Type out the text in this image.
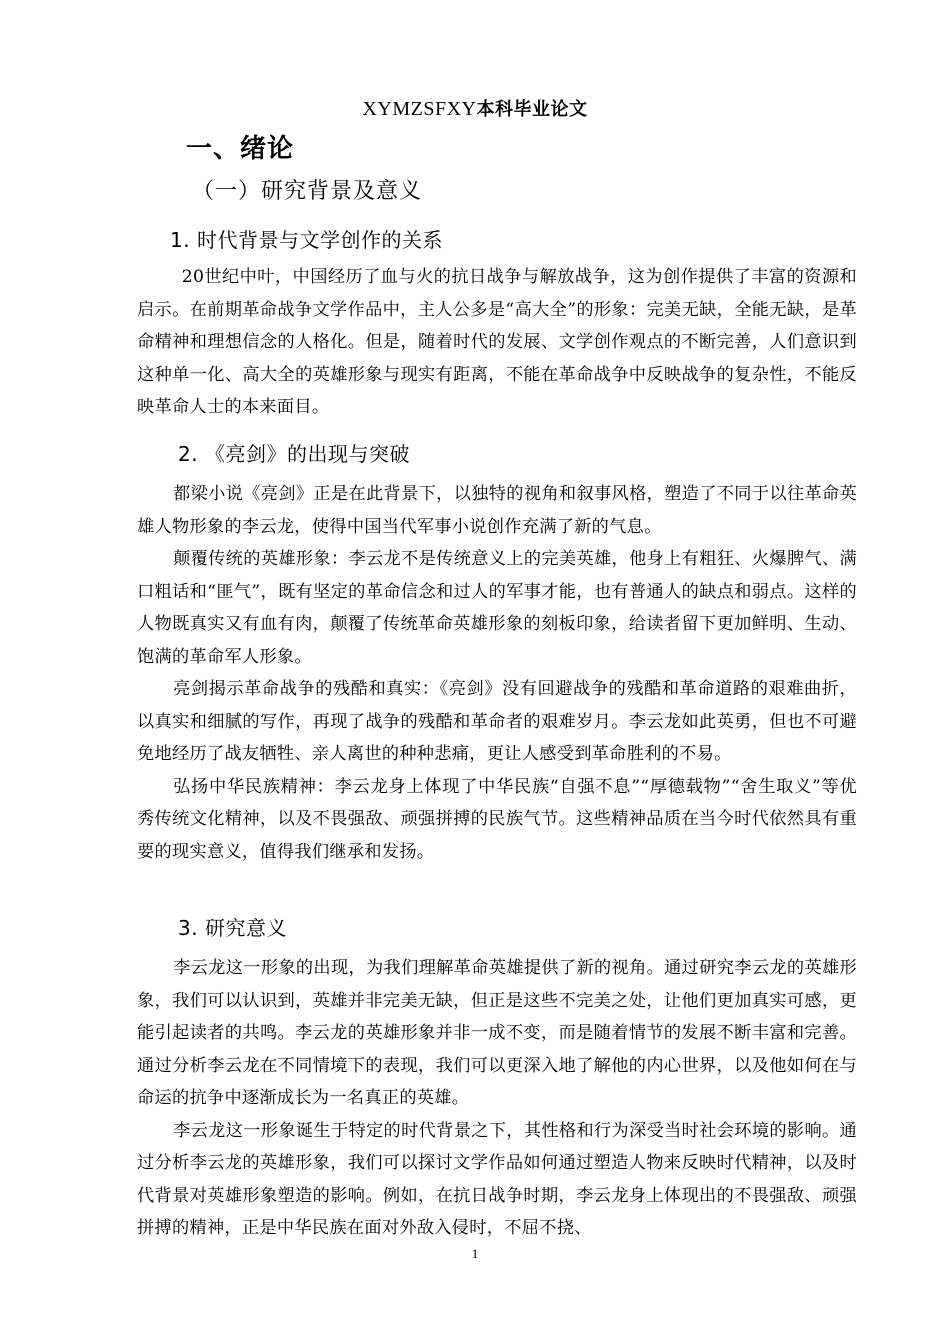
XYMZSFXY本科毕业论文
一、绪论
（一）研究背景及意义
1. 时代背景与文学创作的关系

20世纪中叶，中国经历了血与火的抗日战争与解放战争，这为创作提供了丰富的资源和启示。在前期革命战争文学作品中，主人公多是“高大全”的形象：完美无缺，全能无缺，是革命精神和理想信念的人格化。但是，随着时代的发展、文学创作观点的不断完善，人们意识到这种单一化、高大全的英雄形象与现实有距离，不能在革命战争中反映战争的复杂性，不能反映革命人士的本来面目。

2. 《亮剑》的出现与突破

都梁小说《亮剑》正是在此背景下，以独特的视角和叙事风格，塑造了不同于以往革命英雄人物形象的李云龙，使得中国当代军事小说创作充满了新的气息。

颠覆传统的英雄形象：李云龙不是传统意义上的完美英雄，他身上有粗狂、火爆脾气、满口粗话和“匪气”，既有坚定的革命信念和过人的军事才能，也有普通人的缺点和弱点。这样的人物既真实又有血有肉，颠覆了传统革命英雄形象的刻板印象，给读者留下更加鲜明、生动、饱满的革命军人形象。

亮剑揭示革命战争的残酷和真实：《亮剑》没有回避战争的残酷和革命道路的艰难曲折，以真实和细腻的写作，再现了战争的残酷和革命者的艰难岁月。李云龙如此英勇，但也不可避免地经历了战友牺牲、亲人离世的种种悲痛，更让人感受到革命胜利的不易。

弘扬中华民族精神：李云龙身上体现了中华民族“自强不息”“厚德载物”“舍生取义”等优秀传统文化精神，以及不畏强敌、顽强拼搏的民族气节。这些精神品质在当今时代依然具有重要的现实意义，值得我们继承和发扬。

3. 研究意义

李云龙这一形象的出现，为我们理解革命英雄提供了新的视角。通过研究李云龙的英雄形象，我们可以认识到，英雄并非完美无缺，但正是这些不完美之处，让他们更加真实可感，更能引起读者的共鸣。李云龙的英雄形象并非一成不变，而是随着情节的发展不断丰富和完善。通过分析李云龙在不同情境下的表现，我们可以更深入地了解他的内心世界，以及他如何在与命运的抗争中逐渐成长为一名真正的英雄。

李云龙这一形象诞生于特定的时代背景之下，其性格和行为深受当时社会环境的影响。通过分析李云龙的英雄形象，我们可以探讨文学作品如何通过塑造人物来反映时代精神，以及时代背景对英雄形象塑造的影响。例如，在抗日战争时期，李云龙身上体现出的不畏强敌、顽强拼搏的精神，正是中华民族在面对外敌入侵时，不屈不挠、

1
